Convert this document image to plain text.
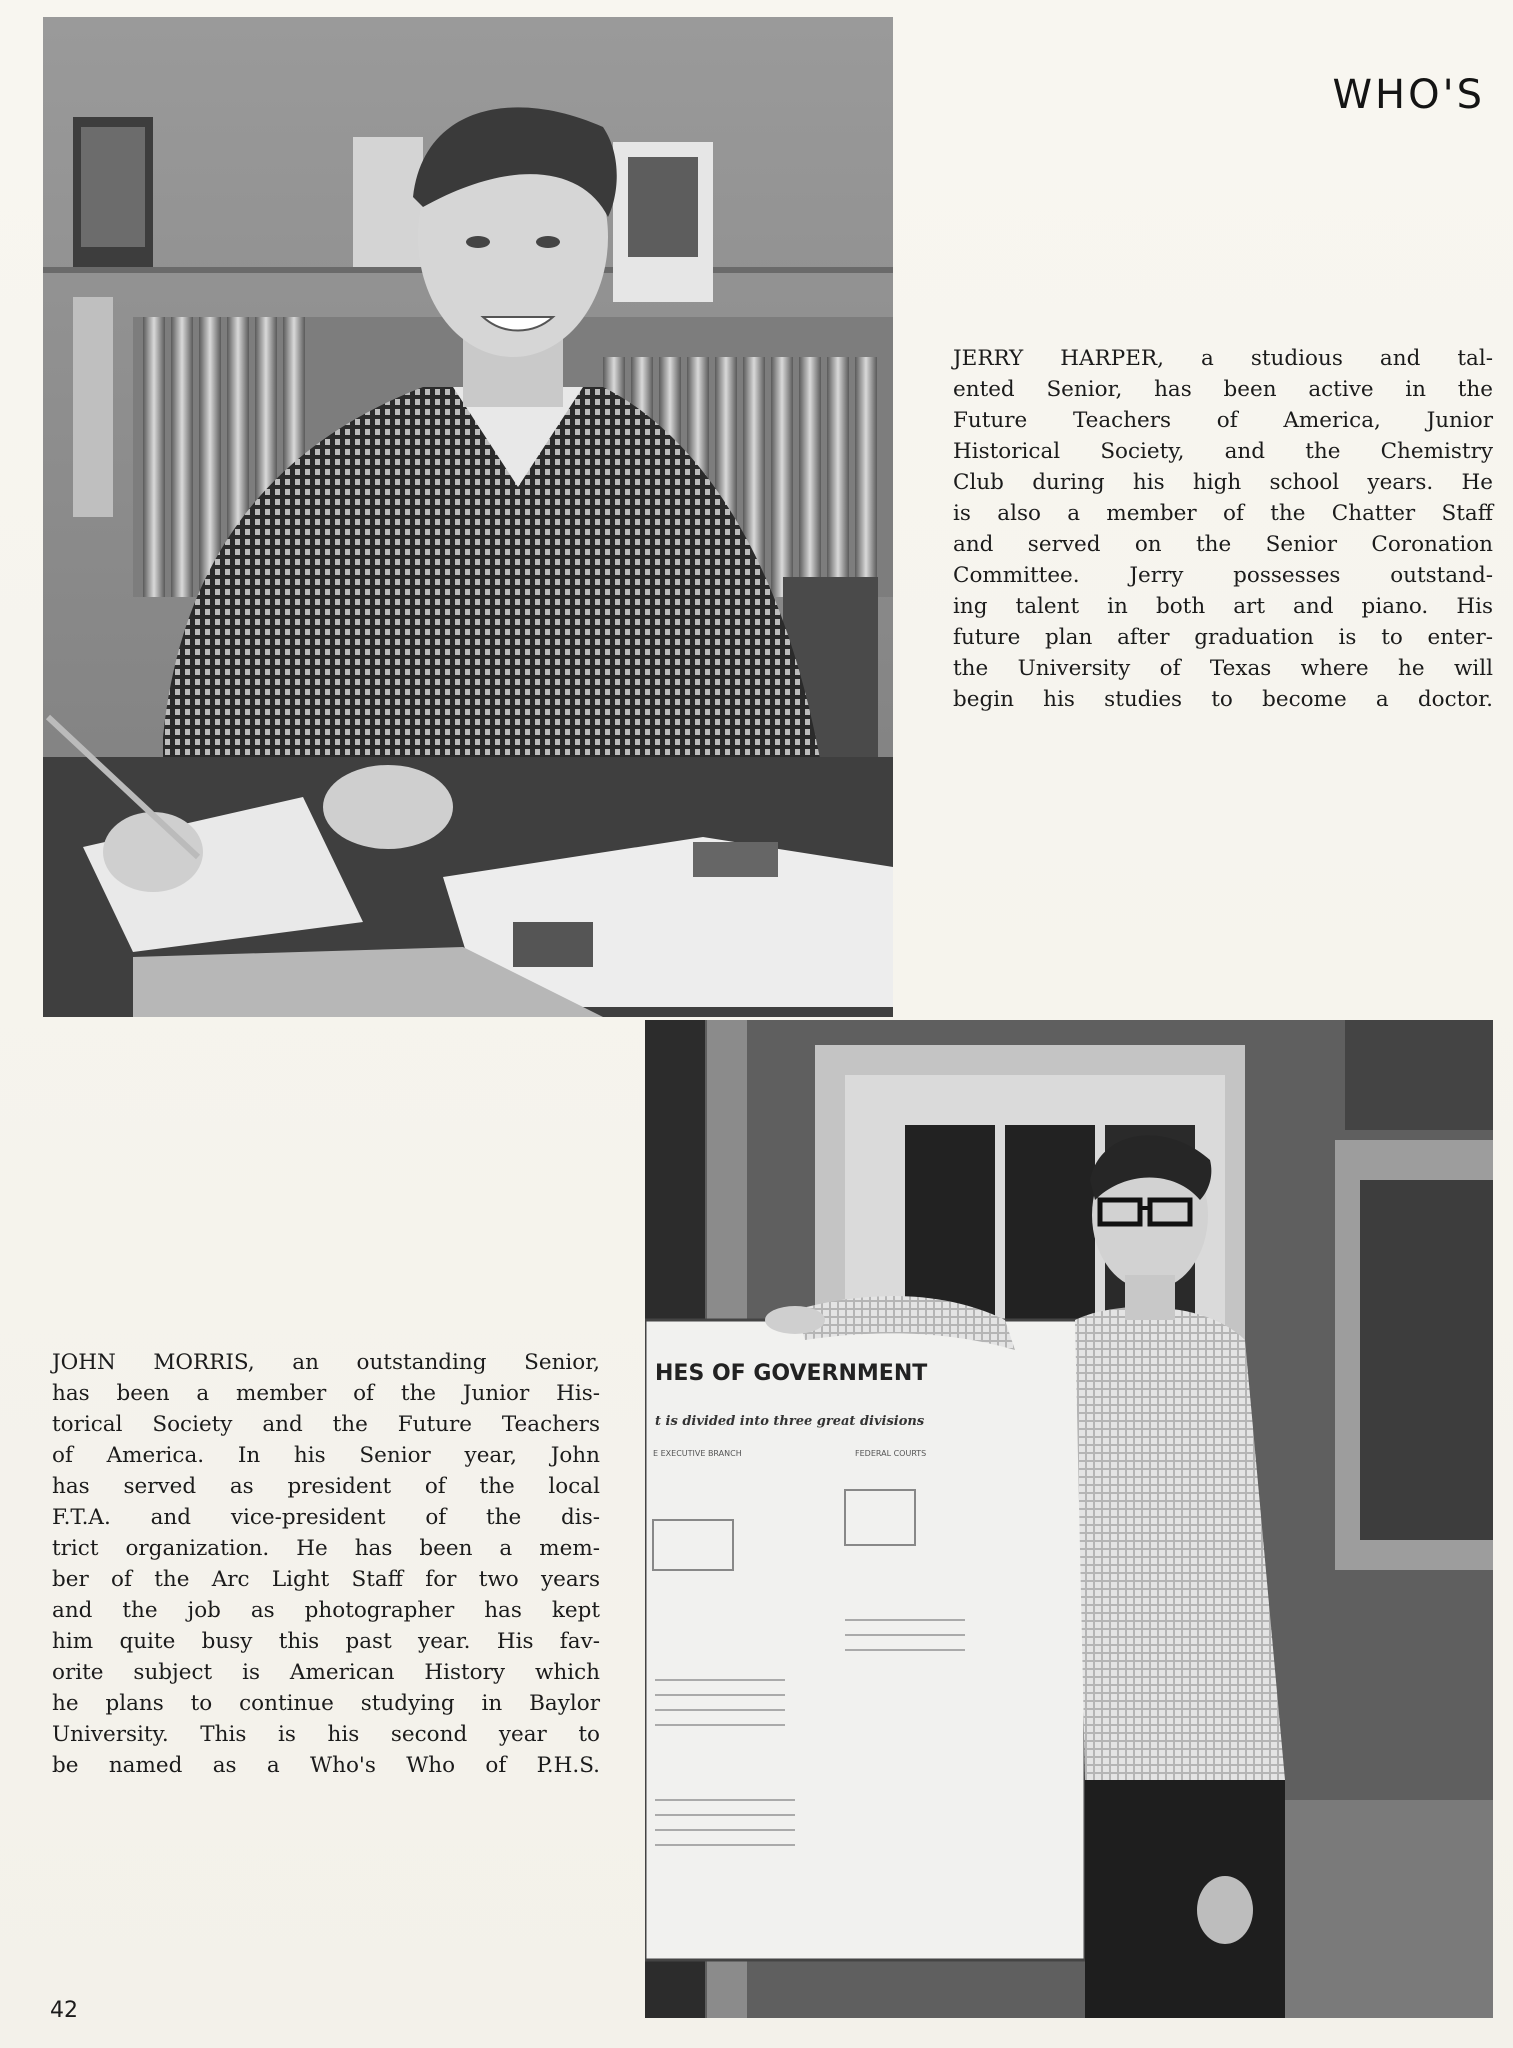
WHO'S
JERRY HARPER, a studious and tal-
ented Senior, has been active in the
Future Teachers of America, Junior
Historical Society, and the Chemistry
Club during his high school years. He
is also a member of the Chatter Staff
and served on the Senior Coronation
Committee. Jerry possesses outstand-
ing talent in both art and piano. His
future plan after graduation is to enter-
the University of Texas where he will
begin his studies to become a doctor.
JOHN MORRIS, an outstanding Senior,
has been a member of the Junior His-
torical Society and the Future Teachers
of America. In his Senior year, John
has served as president of the local
F.T.A. and vice-president of the dis-
trict organization. He has been a mem-
ber of the Arc Light Staff for two years
and the job as photographer has kept
him quite busy this past year. His fav-
orite subject is American History which
he plans to continue studying in Baylor
University. This is his second year to
be named as a Who's Who of P.H.S.
HES OF GOVERNMENT
t is divided into three great divisions
E EXECUTIVE BRANCH	FEDERAL COURTS
42
